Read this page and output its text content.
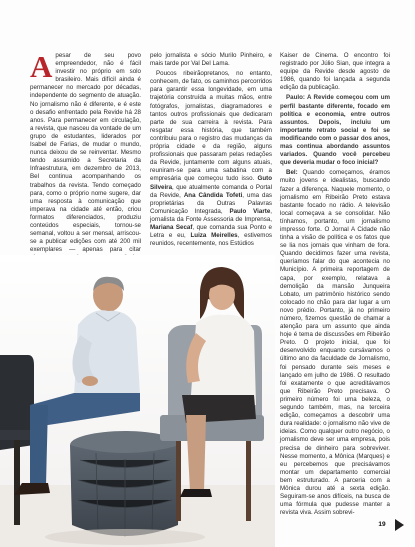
Apesar de seu povo empreendedor, não é fácil investir no próprio em solo brasileiro. Mais difícil ainda é permanecer no mercado por décadas, independente do segmento de atuação. No jornalismo não é diferente, e é este o desafio enfrentado pela Revide há 28 anos. Para permanecer em circulação, a revista, que nasceu da vontade de um grupo de estudantes, liderados por Isabel de Farias, de mudar o mundo, nunca deixou de se reinventar. Mesmo tendo assumido a Secretaria da Infraestrutura, em dezembro de 2013, Bel continua acompanhando os trabalhos da revista. Tendo começado para, como o próprio nome sugere, dar uma resposta à comunicação que imperava na cidade até então, criou formatos diferenciados, produziu conteúdos especiais, tornou-se semanal, voltou a ser mensal, arriscou-se a publicar edições com até 200 mil exemplares — apenas para citar

pelo jornalista e sócio Murilo Pinheiro, e mais tarde por Val Del Lama.

Poucos ribeirãopretanos, no entanto, conhecem, de fato, os caminhos percorridos para garantir essa longevidade, em uma trajetória construída a muitas mãos, entre fotógrafos, jornalistas, diagramadores e tantos outros profissionais que dedicaram parte de sua carreira à revista. Para resgatar essa história, que também contribuiu para o registro das mudanças da própria cidade e da região, alguns profissionais que passaram pelas redações da Revide, juntamente com alguns atuais, reuniram-se para uma sabatina com a empresária que começou tudo isso. Guto Silveira, que atualmente comanda o Portal da Revide, Ana Cândida Tofeti, uma das proprietárias da Outras Palavras Comunicação Integrada, Paulo Viarte, jornalista da Fonte Assessoria de Imprensa, Mariana Secaf, que comanda sua Ponto e Letra e eu, Luiza Meirelles, estivemos reunidos, recentemente, nos Estúdios

Kaiser de Cinema. O encontro foi registrado por Júlio Sian, que integra a equipe da Revide desde agosto de 1986, quando foi lançada a segunda edição da publicação.

Paulo: A Revide começou com um perfil bastante diferente, focado em política e economia, entre outros assuntos. Depois, incluiu um importante retrato social e foi se modificando com o passar dos anos, mas continua abordando assuntos variados. Quando você percebeu que deveria mudar o foco inicial?

Bel: Quando começamos, éramos muito jovens e idealistas, buscando fazer a diferença. Naquele momento, o jornalismo em Ribeirão Preto estava bastante focado no rádio. A televisão local começava a se consolidar. Não tínhamos, portanto, um jornalismo impresso forte. O Jornal A Cidade não tinha a visão de política e os fatos que se lia nos jornais que vinham de fora. Quando decidimos fazer uma revista, queríamos falar do que acontecia no Município. A primeira reportagem de capa, por exemplo, relatava a demolição da mansão Junqueira Lobato, um patrimônio histórico sendo colocado no chão para dar lugar a um novo prédio. Portanto, já no primeiro número, fizemos questão de chamar a atenção para um assunto que ainda hoje é tema de discussões em Ribeirão Preto. O projeto inicial, que foi desenvolvido enquanto cursávamos o último ano da faculdade de Jornalismo, foi pensado durante seis meses e lançado em julho de 1986. O resultado foi exatamente o que acreditávamos que Ribeirão Preto precisava. O primeiro número foi uma beleza, o segundo também, mas, na terceira edição, começamos a descobrir uma dura realidade: o jornalismo não vive de ideias. Como qualquer outro negócio, o jornalismo deve ser uma empresa, pois precisa de dinheiro para sobreviver. Nesse momento, a Mônica (Marques) e eu percebemos que precisávamos montar um departamento comercial bem estruturado. A parceria com a Mônica durou até a sexta edição. Seguiram-se anos difíceis, na busca de uma fórmula que pudesse manter a revista viva. Assim sobrevi-

19
